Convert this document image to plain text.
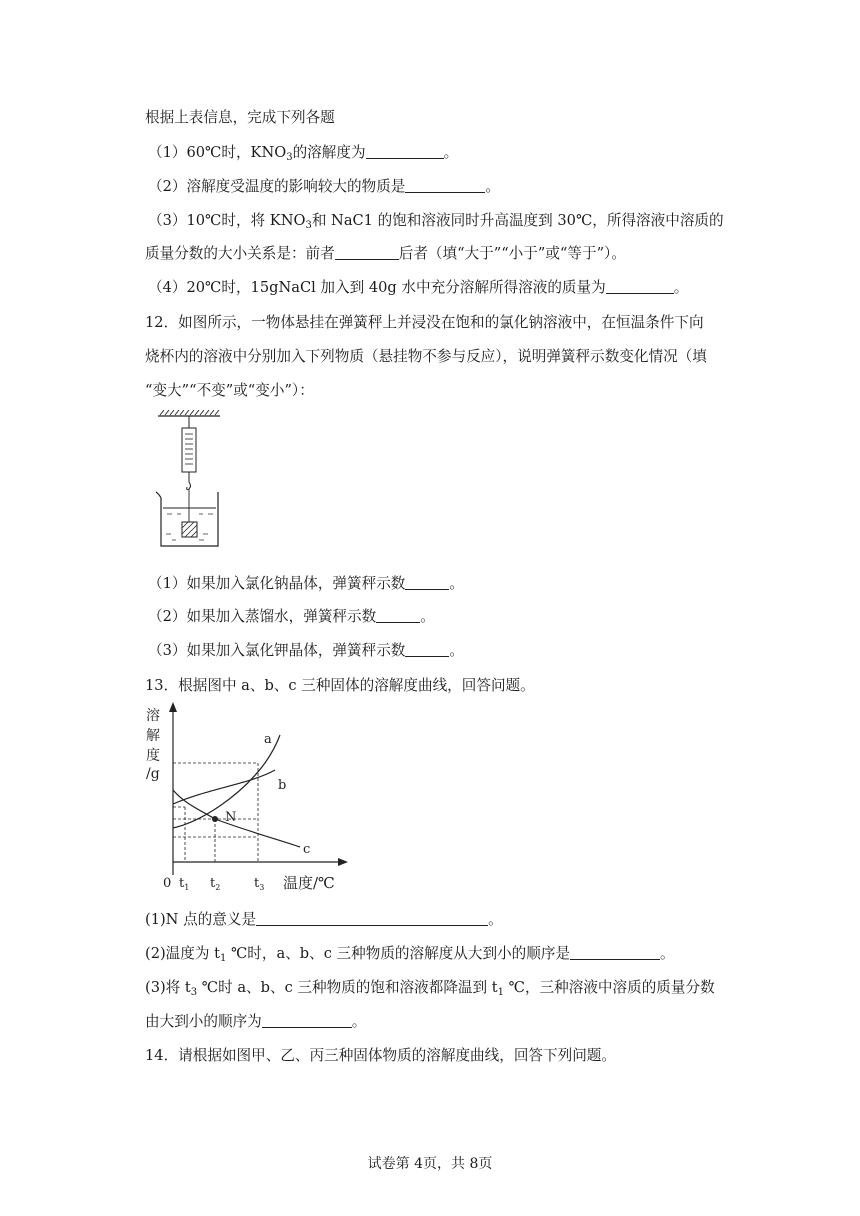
根据上表信息，完成下列各题
（1）60℃时，$KNO_3$的溶解度为	。
（2）溶解度受温度的影响较大的物质是	。
（3）10℃时，将 $KNO_3$和 NaC1 的饱和溶液同时升高温度到 30℃，所得溶液中溶质的
质量分数的大小关系是：前者	后者（填“大于”“小于”或“等于”）。
（4）20℃时，15gNaCl 加入到 40g 水中充分溶解所得溶液的质量为	。
12．如图所示，一物体悬挂在弹簧秤上并浸没在饱和的氯化钠溶液中，在恒温条件下向
烧杯内的溶液中分别加入下列物质（悬挂物不参与反应），说明弹簧秤示数变化情况（填
“变大”“不变”或“变小”）：
（1）如果加入氯化钠晶体，弹簧秤示数	。
（2）如果加入蒸馏水，弹簧秤示数	。
（3）如果加入氯化钾晶体，弹簧秤示数	。
13．根据图中 a、b、c 三种固体的溶解度曲线，回答问题。
溶
解
度
/g
a
b
c
N
0 $t_1$ $t_2$	$t_3$ 温度/℃
(1)N 点的意义是	。
(2)温度为 $t_1$ ℃时，a、b、c 三种物质的溶解度从大到小的顺序是	。
(3)将 $t_3$ ℃时 a、b、c 三种物质的饱和溶液都降温到 $t_1$ ℃，三种溶液中溶质的质量分数
由大到小的顺序为	。
14．请根据如图甲、乙、丙三种固体物质的溶解度曲线，回答下列问题。
试卷第 4页，共 8页
